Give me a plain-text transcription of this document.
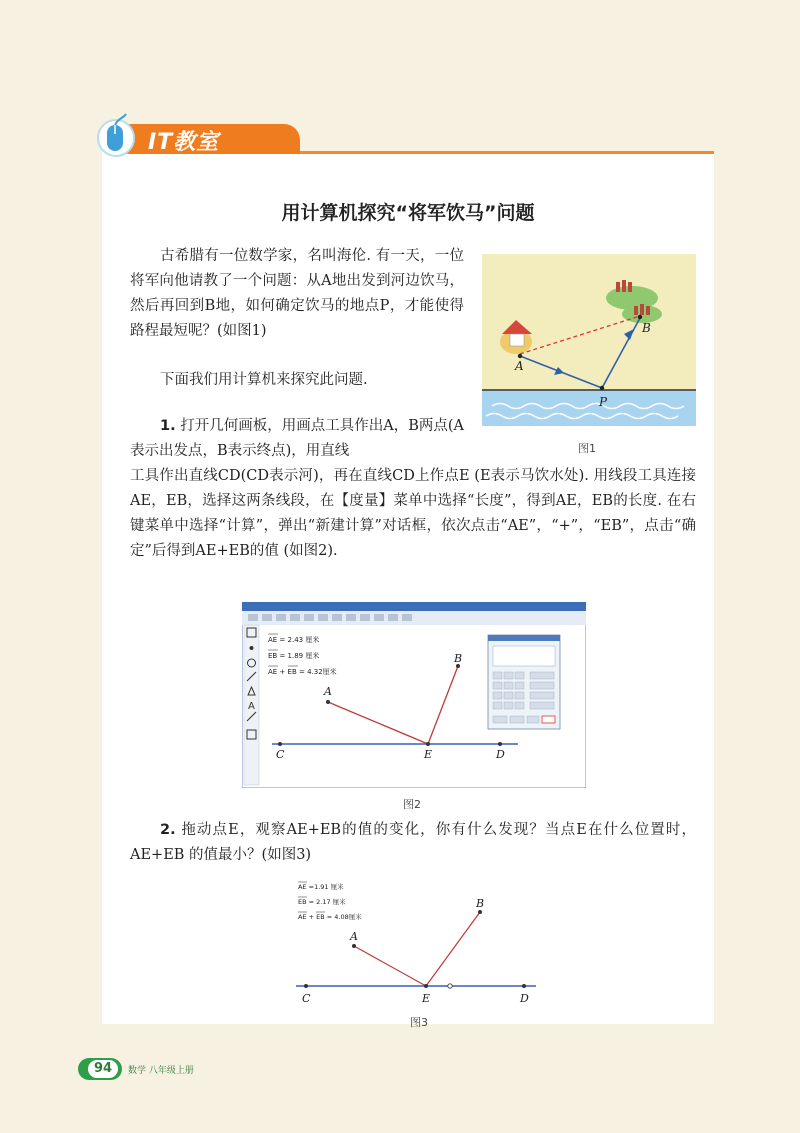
IT教室
用计算机探究“将军饮马”问题

古希腊有一位数学家，名叫海伦. 有一天，一位将军向他请教了一个问题：从A地出发到河边饮马，然后再回到B地，如何确定饮马的地点P，才能使得路程最短呢？(如图1)

下面我们用计算机来探究此问题.

1. 打开几何画板，用画点工具作出A，B两点(A表示出发点，B表示终点)，用直线

工具作出直线CD(CD表示河)，再在直线CD上作点E (E表示马饮水处). 用线段工具连接AE，EB，选择这两条线段，在【度量】菜单中选择“长度”，得到AE，EB的长度. 在右键菜单中选择“计算”，弹出“新建计算”对话框，依次点击“AE”，“+”，“EB”，点击“确定”后得到AE+EB的值 (如图2).

2. 拖动点E，观察AE+EB的值的变化，你有什么发现？当点E在什么位置时，AE+EB 的值最小？(如图3)

A
B
P
图1
A
AE = 2.43 厘米
EB = 1.89 厘米
AE + EB = 4.32厘米
A
B
C	D
E
图2
AE =1.91 厘米
EB = 2.17 厘米
AE + EB = 4.08厘米
A
B
C	D
E
图3
94	数学 八年级上册
